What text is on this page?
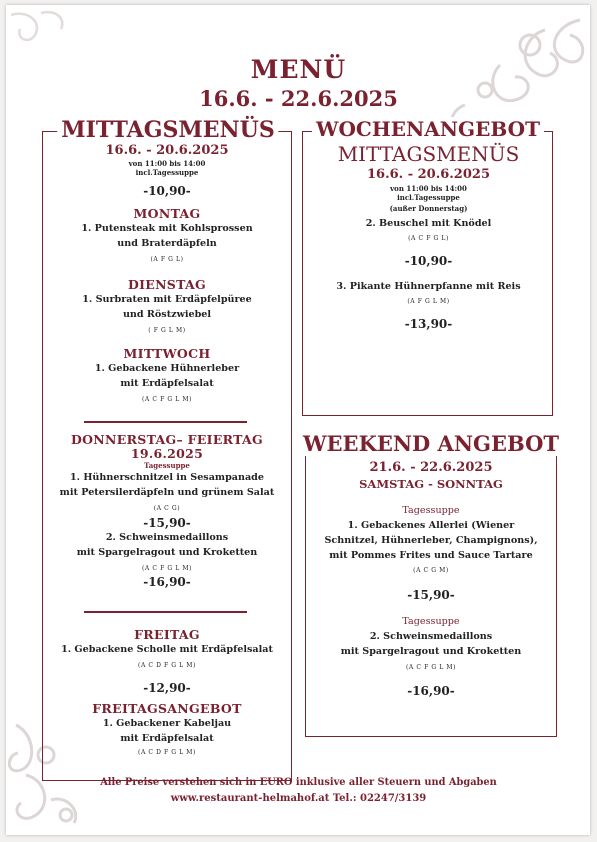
MENÜ
16.6. - 22.6.2025
MITTAGSMENÜS
16.6. - 20.6.2025
von 11:00 bis 14:00
incl.Tagessuppe
-10,90-
MONTAG
1. Putensteak mit Kohlsprossen
und Braterdäpfeln
(A F G L)
DIENSTAG
1. Surbraten mit Erdäpfelpüree
und Röstzwiebel
( F G L M)
MITTWOCH
1. Gebackene Hühnerleber
mit Erdäpfelsalat
(A C F G L M)
DONNERSTAG– FEIERTAG
19.6.2025
Tagessuppe
1. Hühnerschnitzel in Sesampanade
mit Petersilerdäpfeln und grünem Salat
(A C G)
-15,90-
2. Schweinsmedaillons
mit Spargelragout und Kroketten
(A C F G L M)
-16,90-
FREITAG
1. Gebackene Scholle mit Erdäpfelsalat
(A C D F G L M)
-12,90-
FREITAGSANGEBOT
1. Gebackener Kabeljau
mit Erdäpfelsalat
(A C D F G L M)
WOCHENANGEBOT
MITTAGSMENÜS
16.6. - 20.6.2025
von 11:00 bis 14:00
incl.Tagessuppe
(außer Donnerstag)
2. Beuschel mit Knödel
(A C F G L)
-10,90-
3. Pikante Hühnerpfanne mit Reis
(A F G L M)
-13,90-
WEEKEND ANGEBOT
21.6. - 22.6.2025
SAMSTAG - SONNTAG
Tagessuppe
1. Gebackenes Allerlei (Wiener
Schnitzel, Hühnerleber, Champignons),
mit Pommes Frites und Sauce Tartare
(A C G M)
-15,90-
Tagessuppe
2. Schweinsmedaillons
mit Spargelragout und Kroketten
(A C F G L M)
-16,90-
Alle Preise verstehen sich in EURO inklusive aller Steuern und Abgaben
www.restaurant-helmahof.at Tel.: 02247/3139
